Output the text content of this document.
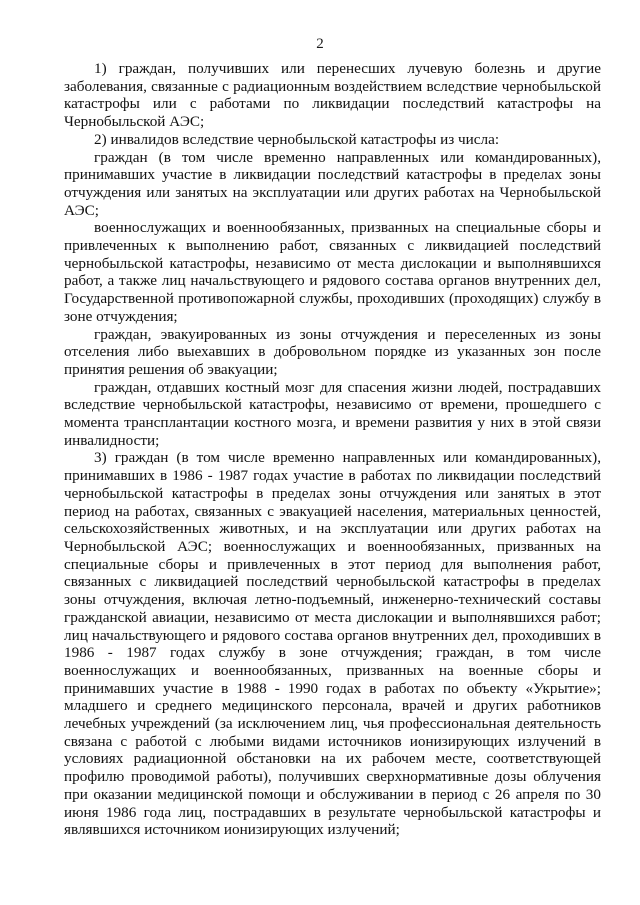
2

1) граждан, получивших или перенесших лучевую болезнь и другие заболевания, связанные с радиационным воздействием вследствие чернобыльской катастрофы или с работами по ликвидации последствий катастрофы на Чернобыльской АЭС;

2) инвалидов вследствие чернобыльской катастрофы из числа:

граждан (в том числе временно направленных или командированных), принимавших участие в ликвидации последствий катастрофы в пределах зоны отчуждения или занятых на эксплуатации или других работах на Чернобыльской АЭС;

военнослужащих и военнообязанных, призванных на специальные сборы и привлеченных к выполнению работ, связанных с ликвидацией последствий чернобыльской катастрофы, независимо от места дислокации и выполнявшихся работ, а также лиц начальствующего и рядового состава органов внутренних дел, Государственной противопожарной службы, проходивших (проходящих) службу в зоне отчуждения;

граждан, эвакуированных из зоны отчуждения и переселенных из зоны отселения либо выехавших в добровольном порядке из указанных зон после принятия решения об эвакуации;

граждан, отдавших костный мозг для спасения жизни людей, пострадавших вследствие чернобыльской катастрофы, независимо от времени, прошедшего с момента трансплантации костного мозга, и времени развития у них в этой связи инвалидности;

3) граждан (в том числе временно направленных или командированных), принимавших в 1986 - 1987 годах участие в работах по ликвидации последствий чернобыльской катастрофы в пределах зоны отчуждения или занятых в этот период на работах, связанных с эвакуацией населения, материальных ценностей, сельскохозяйственных животных, и на эксплуатации или других работах на Чернобыльской АЭС; военнослужащих и военнообязанных, призванных на специальные сборы и привлеченных в этот период для выполнения работ, связанных с ликвидацией последствий чернобыльской катастрофы в пределах зоны отчуждения, включая летно-подъемный, инженерно-технический составы гражданской авиации, независимо от места дислокации и выполнявшихся работ; лиц начальствующего и рядового состава органов внутренних дел, проходивших в 1986 - 1987 годах службу в зоне отчуждения; граждан, в том числе военнослужащих и военнообязанных, призванных на военные сборы и принимавших участие в 1988 - 1990 годах в работах по объекту «Укрытие»; младшего и среднего медицинского персонала, врачей и других работников лечебных учреждений (за исключением лиц, чья профессиональная деятельность связана с работой с любыми видами источников ионизирующих излучений в условиях радиационной обстановки на их рабочем месте, соответствующей профилю проводимой работы), получивших сверхнормативные дозы облучения при оказании медицинской помощи и обслуживании в период с 26 апреля по 30 июня 1986 года лиц, пострадавших в результате чернобыльской катастрофы и являвшихся источником ионизирующих излучений;
